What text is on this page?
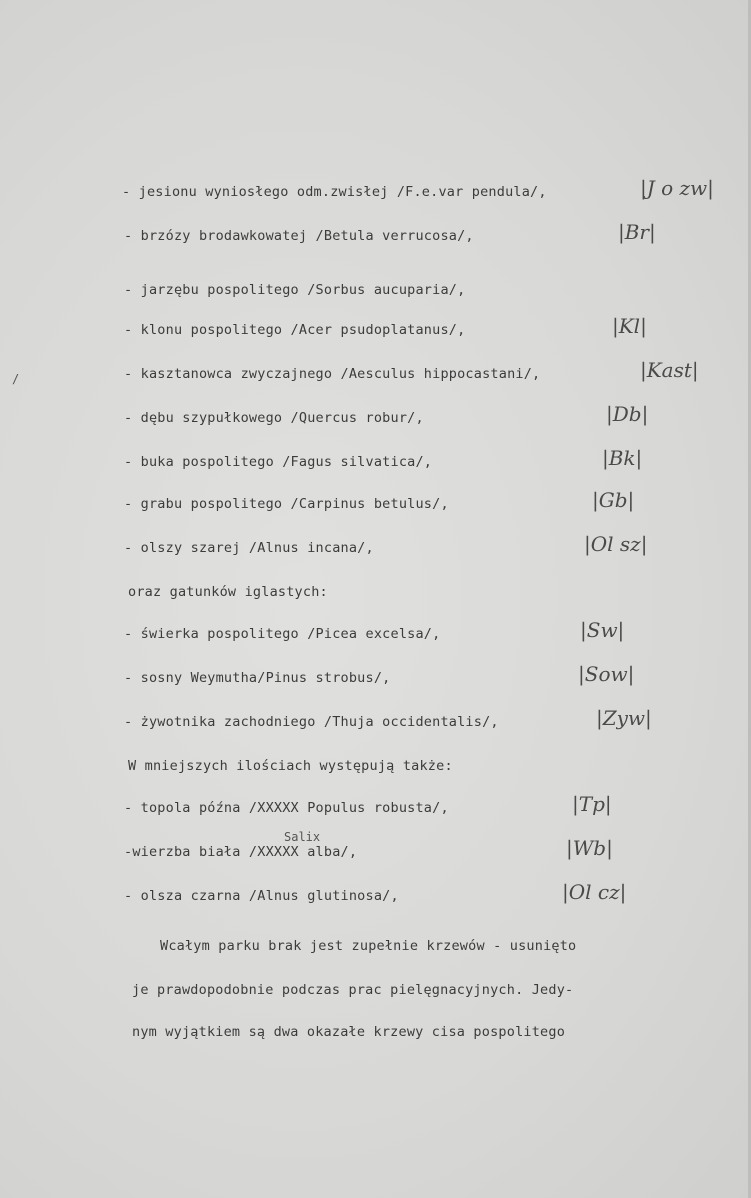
- jesionu wyniosłego odm.zwisłej /F.e.var pendula/,	|J o zw|
- brzózy brodawkowatej /Betula verrucosa/,	|Br|
- jarzębu pospolitego /Sorbus aucuparia/,
- klonu pospolitego /Acer psudoplatanus/,	|Kl|
- kasztanowca zwyczajnego /Aesculus hippocastani/,	|Kast|
- dębu szypułkowego /Quercus robur/,	|Db|
- buka pospolitego /Fagus silvatica/,	|Bk|
- grabu pospolitego /Carpinus betulus/,	|Gb|
- olszy szarej /Alnus incana/,	|Ol sz|
oraz gatunków iglastych:
- świerka pospolitego /Picea excelsa/,	|Sw|
- sosny Weymutha/Pinus strobus/,	|Sow|
- żywotnika zachodniego /Thuja occidentalis/,	|Zyw|
W mniejszych ilościach występują także:
- topola późna /XXXXX Populus robusta/,	|Tp|
Salix
-wierzba biała /XXXXX alba/,	|Wb|
- olsza czarna /Alnus glutinosa/,	|Ol cz|
Wcałym parku brak jest zupełnie krzewów - usunięto
je prawdopodobnie podczas prac pielęgnacyjnych. Jedy-
nym wyjątkiem są dwa okazałe krzewy cisa pospolitego
/
